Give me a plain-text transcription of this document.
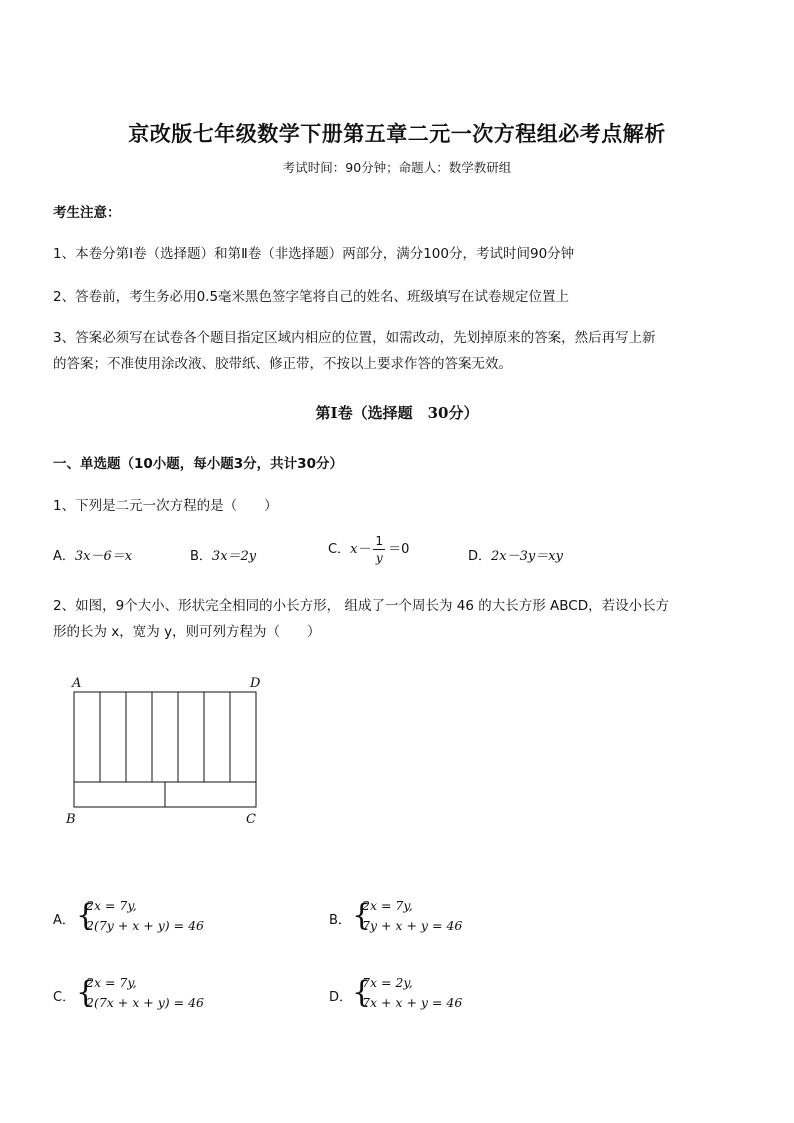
京改版七年级数学下册第五章二元一次方程组必考点解析
考试时间：90分钟；命题人：数学教研组
考生注意：
1、本卷分第Ⅰ卷（选择题）和第Ⅱ卷（非选择题）两部分，满分100分，考试时间90分钟
2、答卷前，考生务必用0.5毫米黑色签字笔将自己的姓名、班级填写在试卷规定位置上
3、答案必须写在试卷各个题目指定区域内相应的位置，如需改动，先划掉原来的答案，然后再写上新
的答案；不准使用涂改液、胶带纸、修正带，不按以上要求作答的答案无效。
第Ⅰ卷（选择题　30分）
一、单选题（10小题，每小题3分，共计30分）
1、下列是二元一次方程的是（　　）
A．3x－6＝x	B．3x＝2y	C．$x- \frac{1}{y} =0$	D．2x－3y＝xy
2、如图，9个大小、形状完全相同的小长方形， 组成了一个周长为 46 的大长方形 ABCD，若设小长方
形的长为 x，宽为 y，则可列方程为（　　）
A	D
B	C
A． {
2x = 7y,
2(7y + x + y) = 46	B． {
2x = 7y,
7y + x + y = 46
C． {
2x = 7y,
2(7x + x + y) = 46	D． {
7x = 2y,
7x + x + y = 46
